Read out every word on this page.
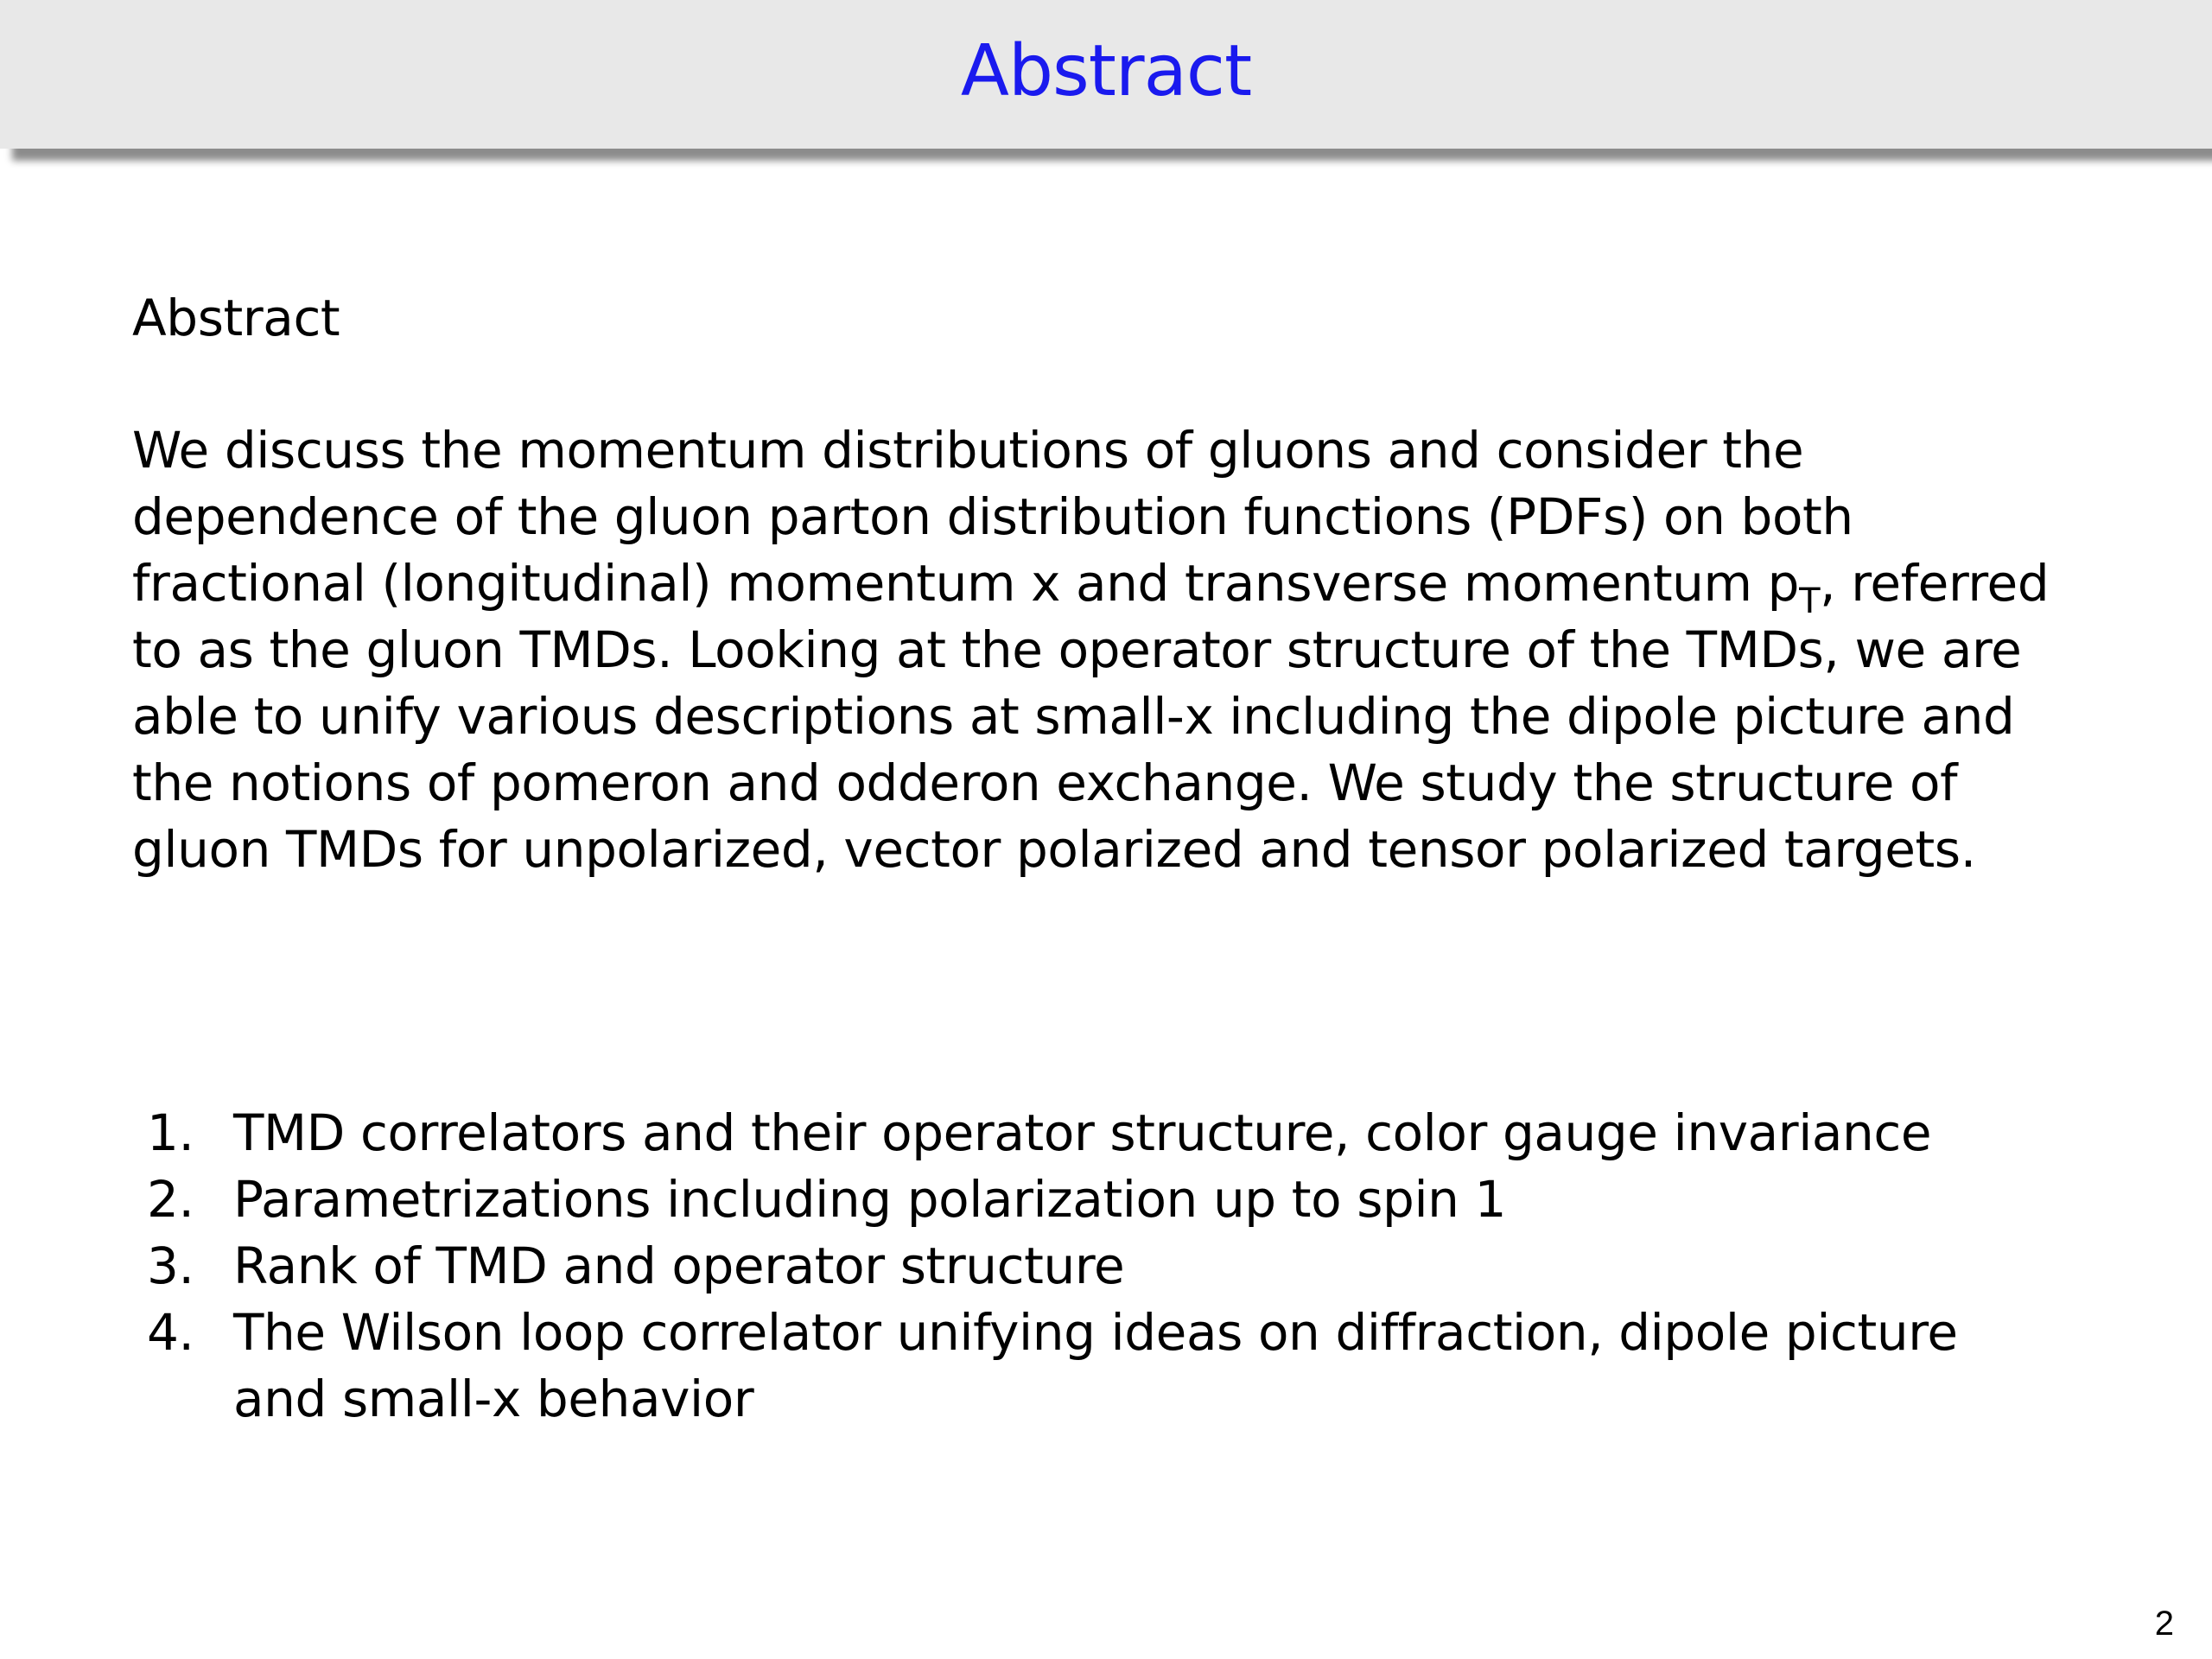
Abstract

Abstract

We discuss the momentum distributions of gluons and consider the dependence of the gluon parton distribution functions (PDFs) on both fractional (longitudinal) momentum x and transverse momentum $p_T$, referred to as the gluon TMDs. Looking at the operator structure of the TMDs, we are able to unify various descriptions at small-x including the dipole picture and the notions of pomeron and odderon exchange. We study the structure of gluon TMDs for unpolarized, vector polarized and tensor polarized targets.

1. TMD correlators and their operator structure, color gauge invariance
2. Parametrizations including polarization up to spin 1
3. Rank of TMD and operator structure
4. The Wilson loop correlator unifying ideas on diffraction, dipole picture and small-x behavior
2
